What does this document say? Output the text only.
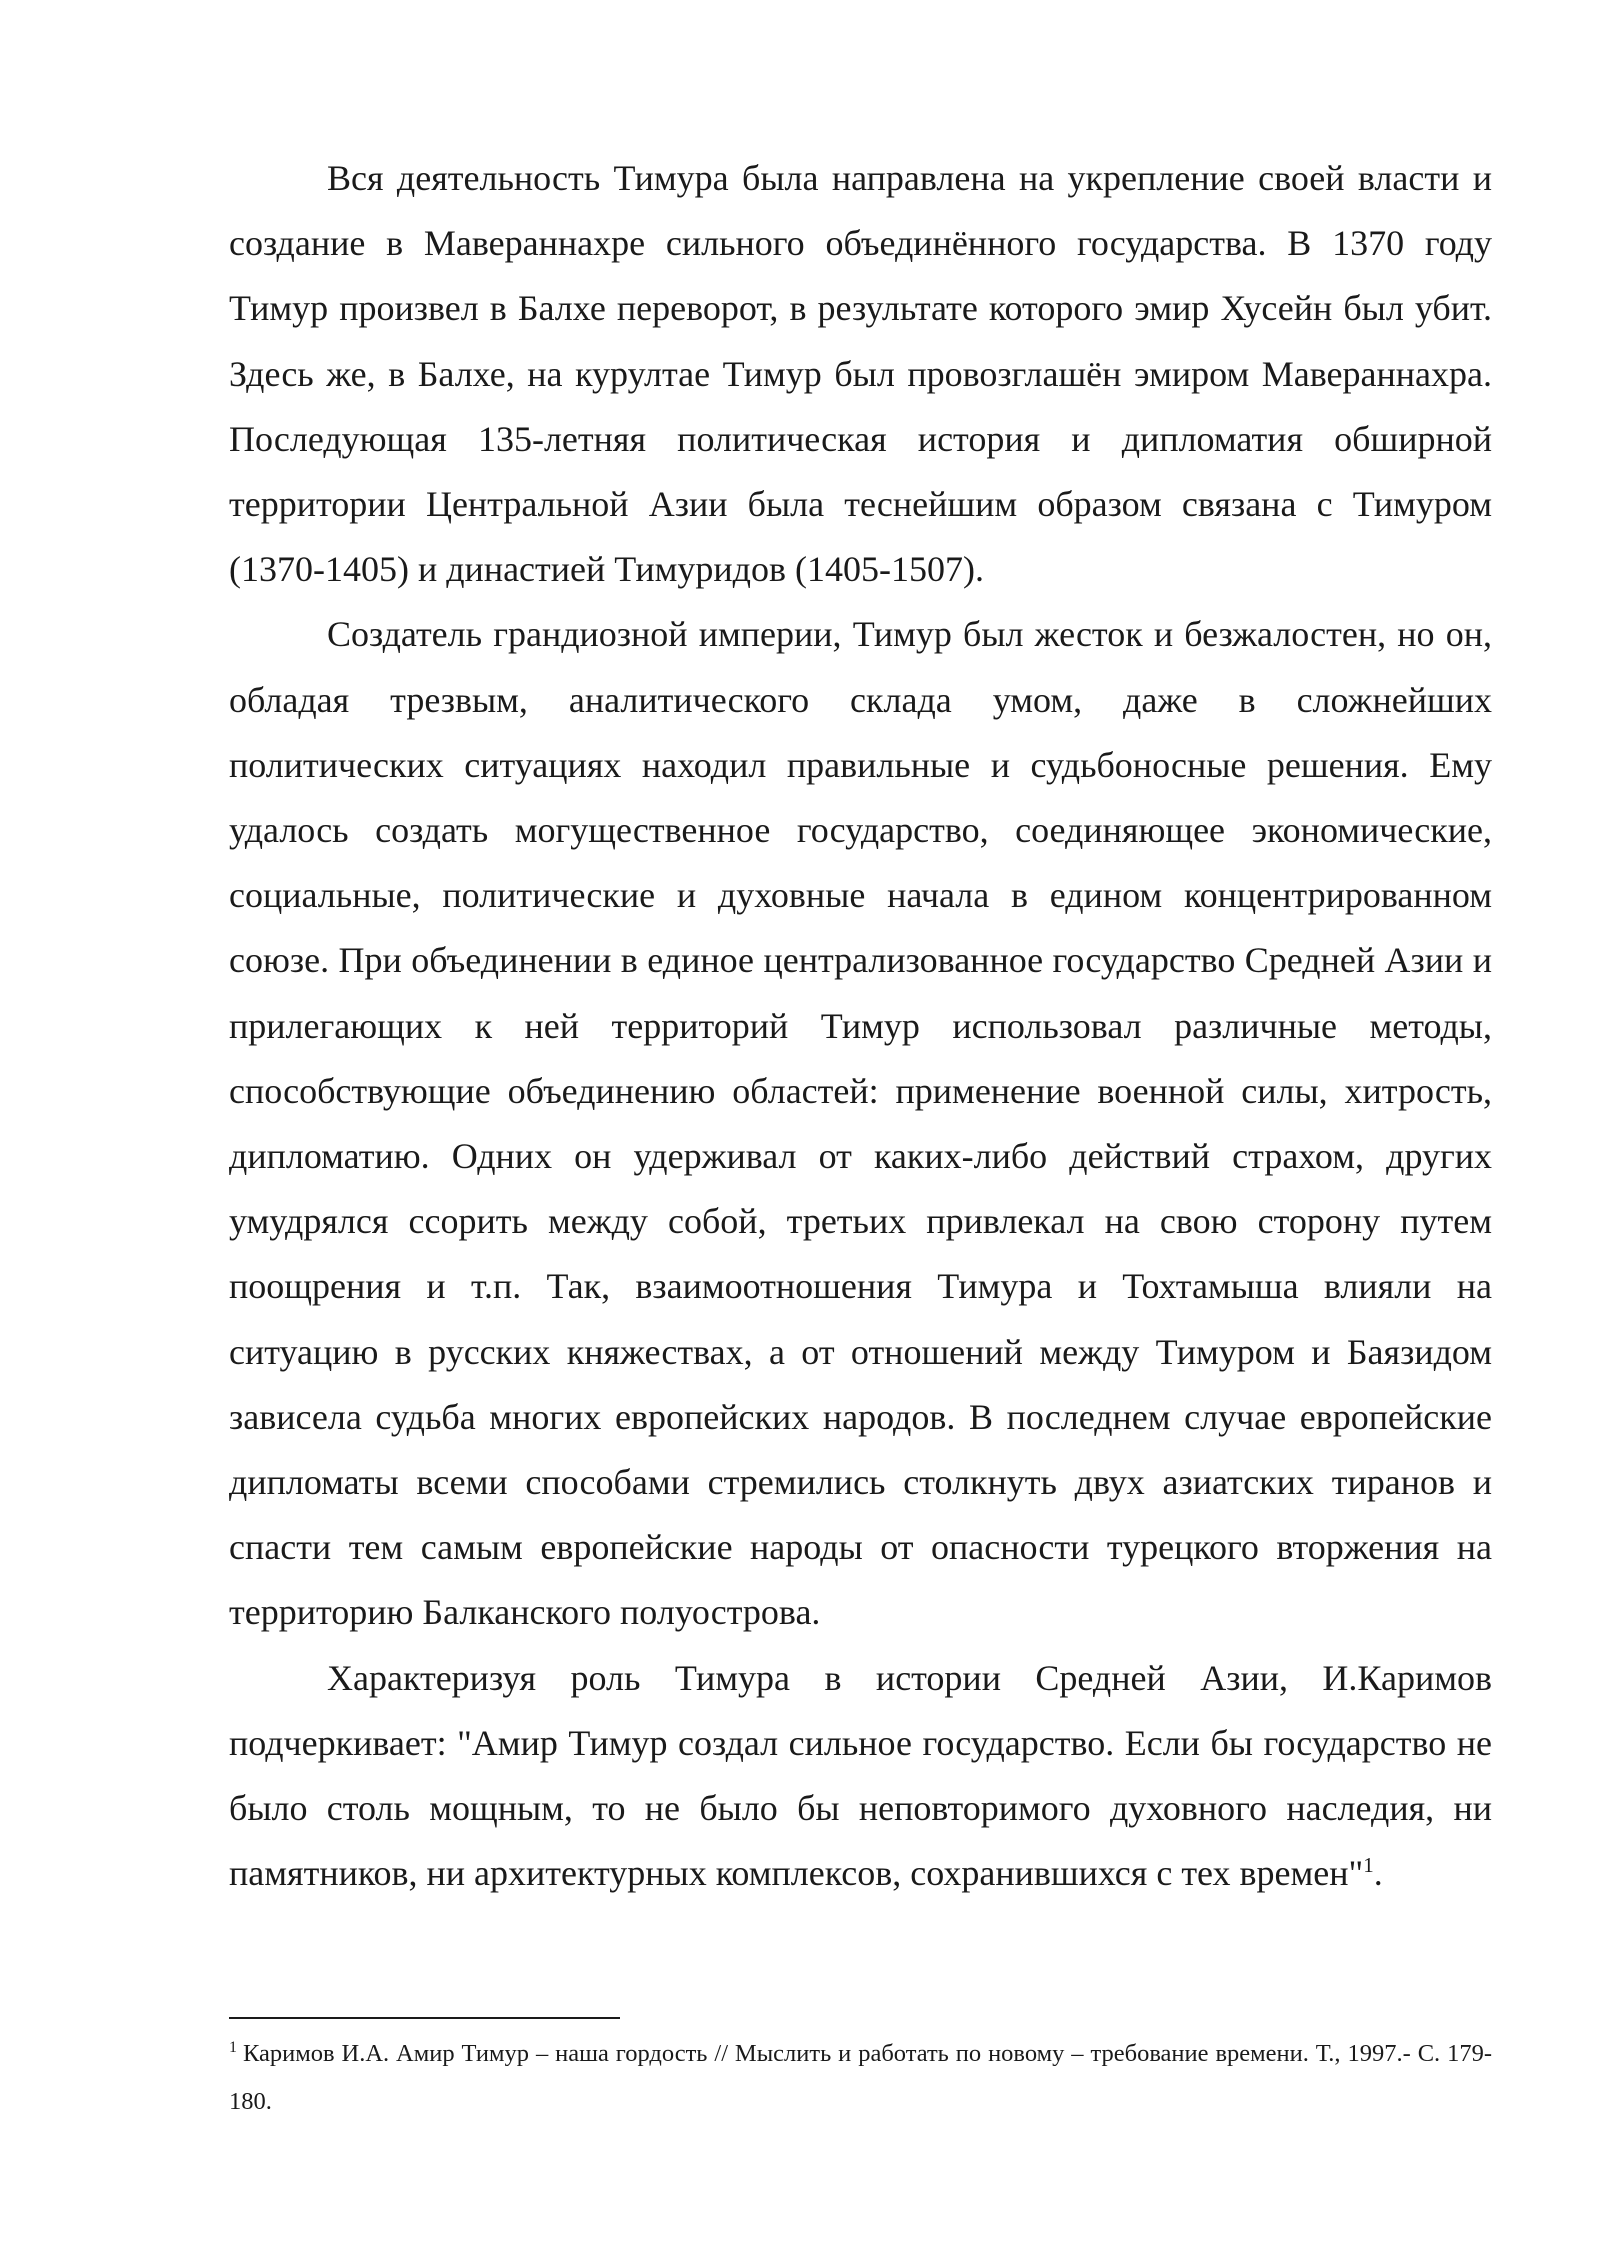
Вся деятельность Тимура была направлена на укрепление своей власти и создание в Мавераннахре сильного объединённого государства. В 1370 году Тимур произвел в Балхе переворот, в результате которого эмир Хусейн был убит. Здесь же, в Балхе, на курултае Тимур был провозглашён эмиром Мавераннахра. Последующая 135-летняя политическая история и дипломатия обширной территории Центральной Азии была теснейшим образом связана с Тимуром (1370-1405) и династией Тимуридов (1405-1507).

Создатель грандиозной империи, Тимур был жесток и безжалостен, но он, обладая трезвым, аналитического склада умом, даже в сложнейших политических ситуациях находил правильные и судьбоносные решения. Ему удалось создать могущественное государство, соединяющее экономические, социальные, политические и духовные начала в едином концентрированном союзе. При объединении в единое централизованное государство Средней Азии и прилегающих к ней территорий Тимур использовал различные методы, способствующие объединению областей: применение военной силы, хитрость, дипломатию. Одних он удерживал от каких-либо действий страхом, других умудрялся ссорить между собой, третьих привлекал на свою сторону путем поощрения и т.п. Так, взаимоотношения Тимура и Тохтамыша влияли на ситуацию в русских княжествах, а от отношений между Тимуром и Баязидом зависела судьба многих европейских народов. В последнем случае европейские дипломаты всеми способами стремились столкнуть двух азиатских тиранов и спасти тем самым европейские народы от опасности турецкого вторжения на территорию Балканского полуострова.

Характеризуя роль Тимура в истории Средней Азии, И.Каримов подчеркивает: "Амир Тимур создал сильное государство. Если бы государство не было столь мощным, то не было бы неповторимого духовного наследия, ни памятников, ни архитектурных комплексов, сохранившихся с тех времен"$^1$.

$^1$ Каримов И.А. Амир Тимур – наша гордость // Мыслить и работать по новому – требование времени. Т., 1997.- С. 179-180.
